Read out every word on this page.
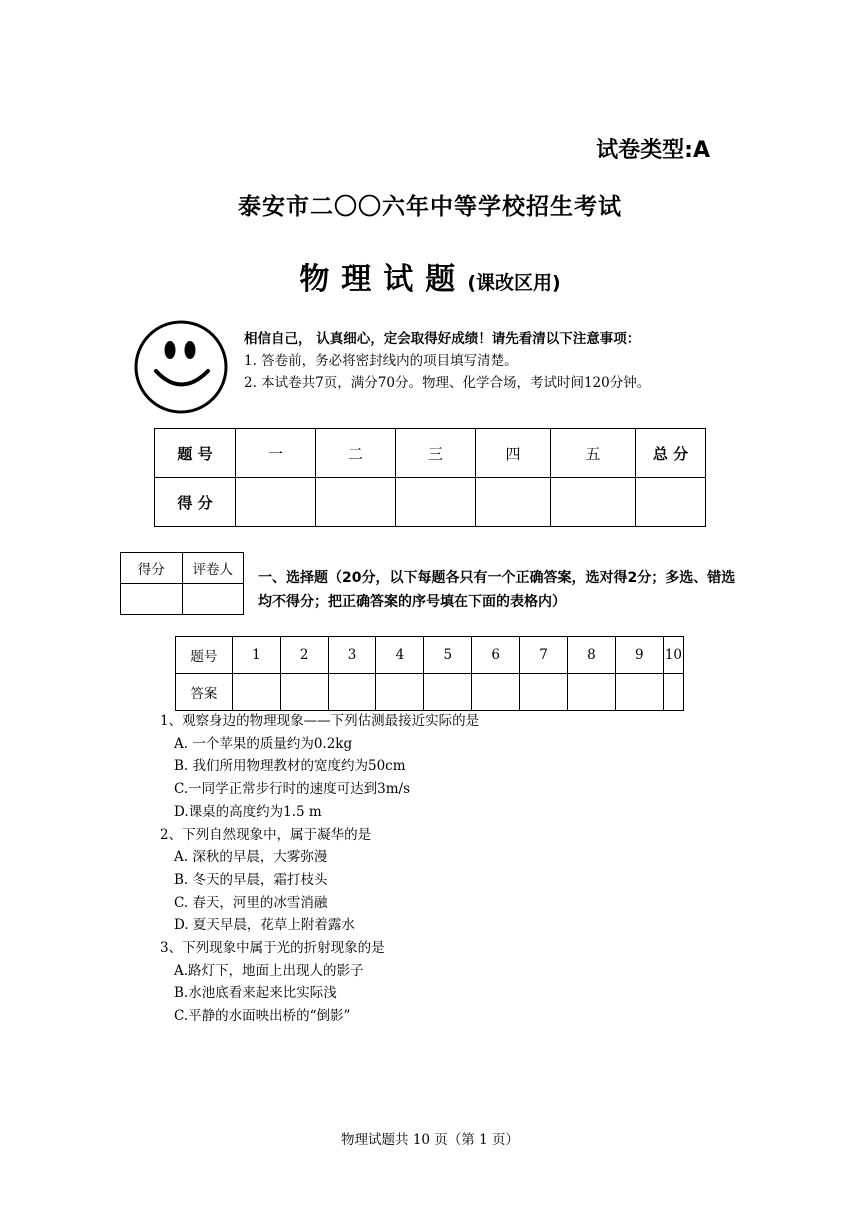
试卷类型:A
泰安市二〇〇六年中等学校招生考试
物理试题(课改区用)
相信自己， 认真细心，定会取得好成绩！请先看清以下注意事项：
1. 答卷前，务必将密封线内的项目填写清楚。
2. 本试卷共7页，满分70分。物理、化学合场，考试时间120分钟。
题 号	一	二	三	四	五	总 分
得 分						
得分	评卷人
	一、选择题（20分，以下每题各只有一个正确答案，选对得2分；多选、错选均不得分；把正确答案的序号填在下面的表格内）
题号	1	2	3	4	5	6	7	8	9	10
答案										
1、观察身边的物理现象——下列估测最接近实际的是
A. 一个苹果的质量约为0.2kg
B. 我们所用物理教材的宽度约为50cm
C.一同学正常步行时的速度可达到3m/s
D.课桌的高度约为1.5 m
2、下列自然现象中，属于凝华的是
A. 深秋的早晨，大雾弥漫
B. 冬天的早晨，霜打枝头
C. 春天，河里的冰雪消融
D. 夏天早晨，花草上附着露水
3、下列现象中属于光的折射现象的是
A.路灯下，地面上出现人的影子
B.水池底看来起来比实际浅
C.平静的水面映出桥的“倒影”
物理试题共 10 页（第 1 页）
